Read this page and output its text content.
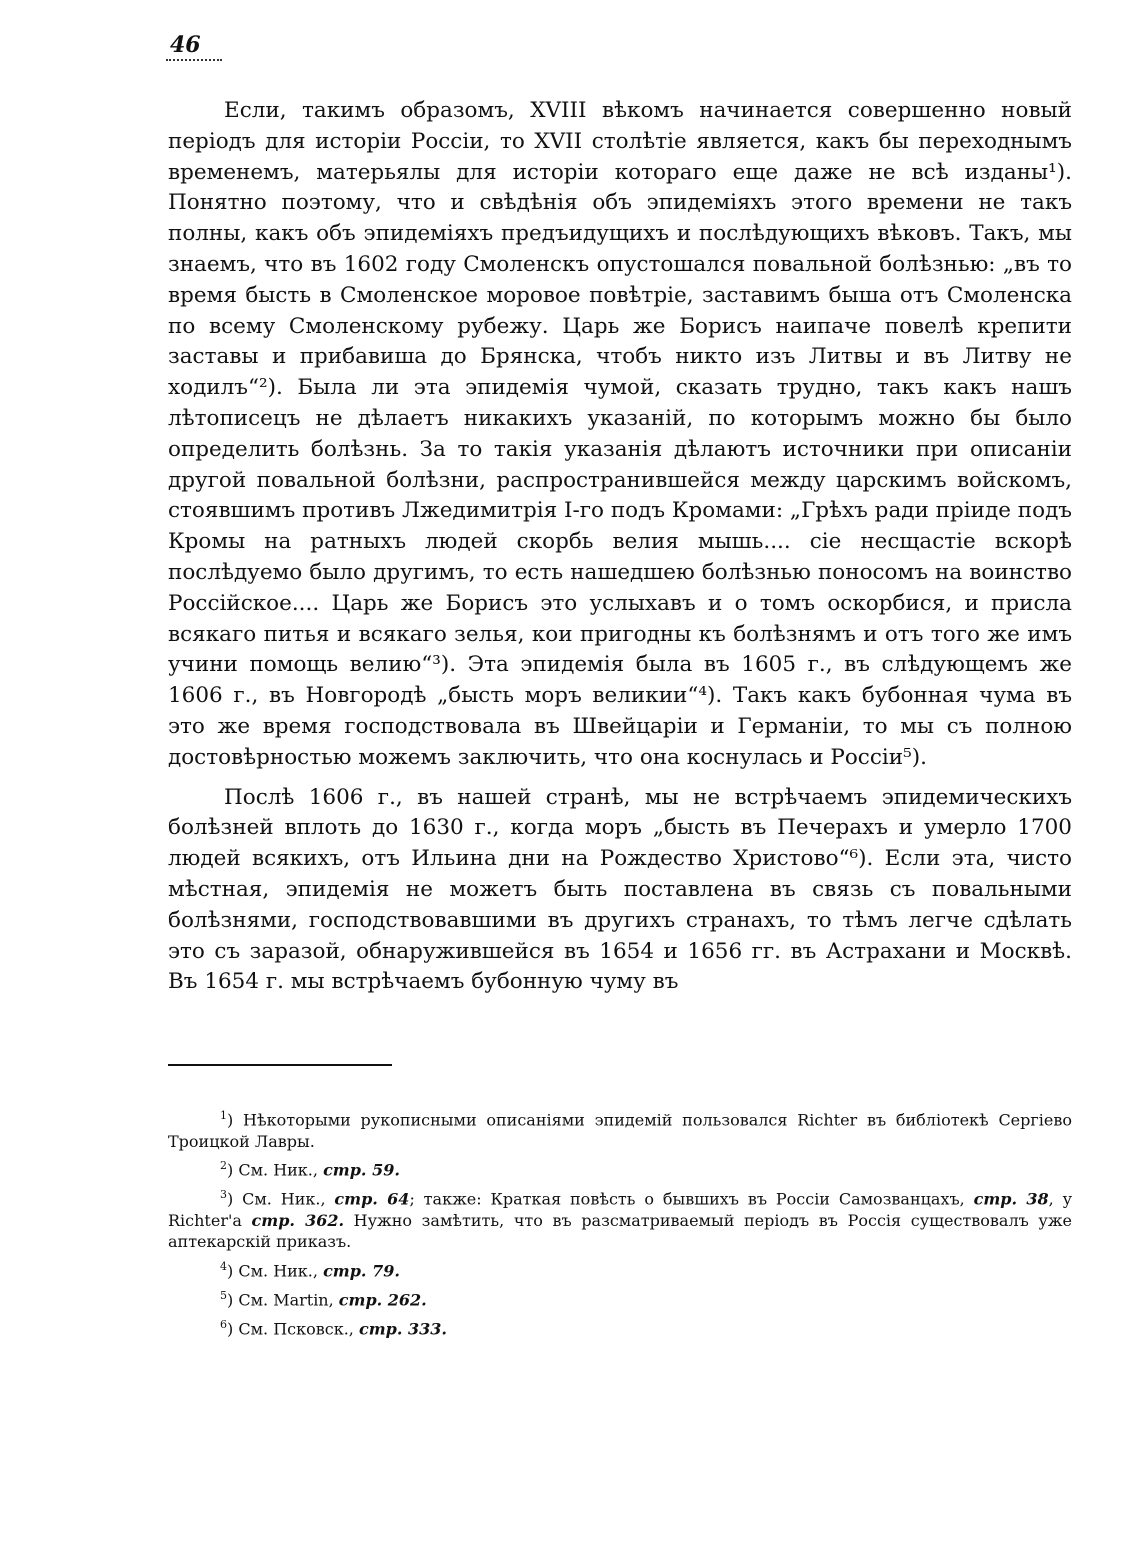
46

Если, такимъ образомъ, XVIII вѣкомъ начинается совершенно новый періодъ для исторіи Россіи, то XVII столѣтіе является, какъ бы переходнымъ временемъ, матерьялы для исторіи котораго еще даже не всѣ изданы¹). Понятно поэтому, что и свѣдѣнія объ эпидеміяхъ этого времени не такъ полны, какъ объ эпидеміяхъ предъидущихъ и послѣдующихъ вѣковъ. Такъ, мы знаемъ, что въ 1602 году Смоленскъ опустошался повальной болѣзнью: „въ то время бысть в Смоленское моровое повѣтріе, заставимъ быша отъ Смоленска по всему Смоленскому рубежу. Царь же Борисъ наипаче повелѣ крепити заставы и прибавиша до Брянска, чтобъ никто изъ Литвы и въ Литву не ходилъ“²). Была ли эта эпидемія чумой, сказать трудно, такъ какъ нашъ лѣтописецъ не дѣлаетъ никакихъ указаній, по которымъ можно бы было определить болѣзнь. За то такія указанія дѣлаютъ источники при описаніи другой повальной болѣзни, распространившейся между царскимъ войскомъ, стоявшимъ противъ Лжедимитрія I-го подъ Кромами: „Грѣхъ ради пріиде подъ Кромы на ратныхъ людей скорбь велия мышь.... сіе несщастіе вскорѣ послѣдуемо было другимъ, то есть нашедшею болѣзнью поносомъ на воинство Россійское.... Царь же Борисъ это услыхавъ и о томъ оскорбися, и присла всякаго питья и всякаго зелья, кои пригодны къ болѣзнямъ и отъ того же имъ учини помощь велию“³). Эта эпидемія была въ 1605 г., въ слѣдующемъ же 1606 г., въ Новгородѣ „бысть моръ великии“⁴). Такъ какъ бубонная чума въ это же время господствовала въ Швейцаріи и Германіи, то мы съ полною достовѣрностью можемъ заключить, что она коснулась и Россіи⁵).

Послѣ 1606 г., въ нашей странѣ, мы не встрѣчаемъ эпидемическихъ болѣзней вплоть до 1630 г., когда моръ „бысть въ Печерахъ и умерло 1700 людей всякихъ, отъ Ильина дни на Рождество Христово“⁶). Если эта, чисто мѣстная, эпидемія не можетъ быть поставлена въ связь съ повальными болѣзнями, господствовавшими въ другихъ странахъ, то тѣмъ легче сдѣлать это съ заразой, обнаружившейся въ 1654 и 1656 гг. въ Астрахани и Москвѣ. Въ 1654 г. мы встрѣчаемъ бубонную чуму въ

$^1$) Нѣкоторыми рукописными описаніями эпидемій пользовался Richter въ библіотекѣ Сергіево Троицкой Лавры.

$^2$) См. Ник., стр. 59.

$^3$) См. Ник., стр. 64; также: Краткая повѣсть о бывшихъ въ Россіи Самозванцахъ, стр. 38, у Richter'a стр. 362. Нужно замѣтить, что въ разсматриваемый періодъ въ Россія существовалъ уже аптекарскій приказъ.

$^4$) См. Ник., стр. 79.

$^5$) См. Martin, стр. 262.

$^6$) См. Псковск., стр. 333.
